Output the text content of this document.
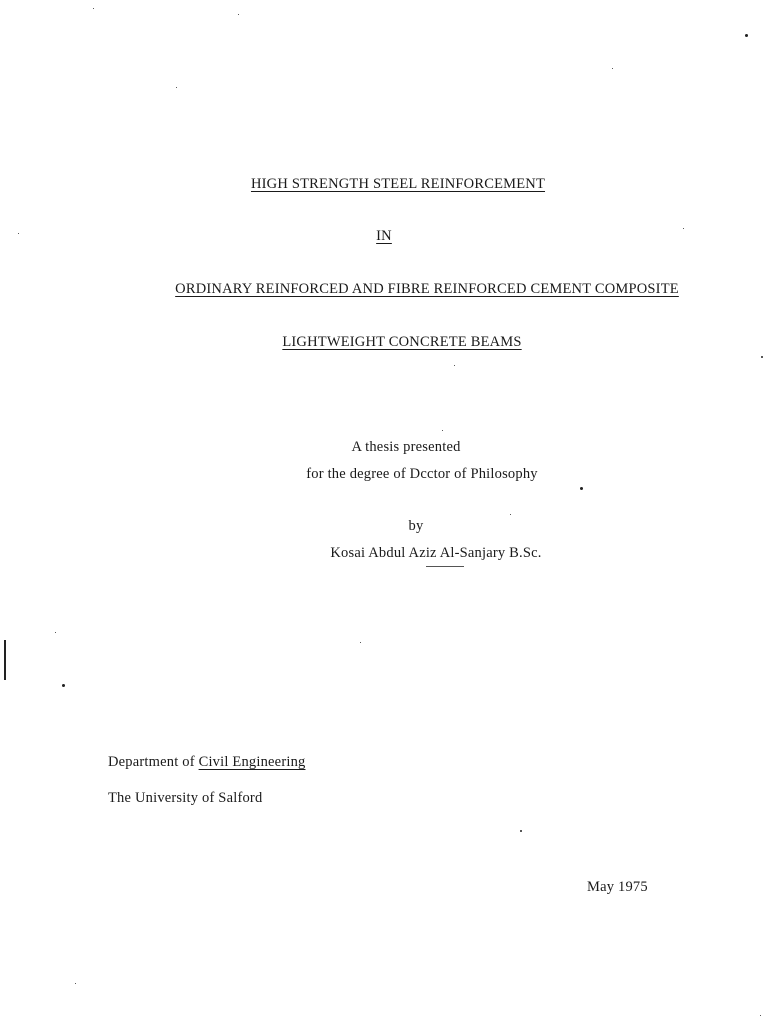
HIGH STRENGTH STEEL REINFORCEMENT
IN
ORDINARY REINFORCED AND FIBRE REINFORCED CEMENT COMPOSITE
LIGHTWEIGHT CONCRETE BEAMS
A thesis presented
for the degree of Dcctor of Philosophy
by
Kosai Abdul Aziz Al-Sanjary B.Sc.
Department of Civil Engineering
The University of Salford
May 1975
